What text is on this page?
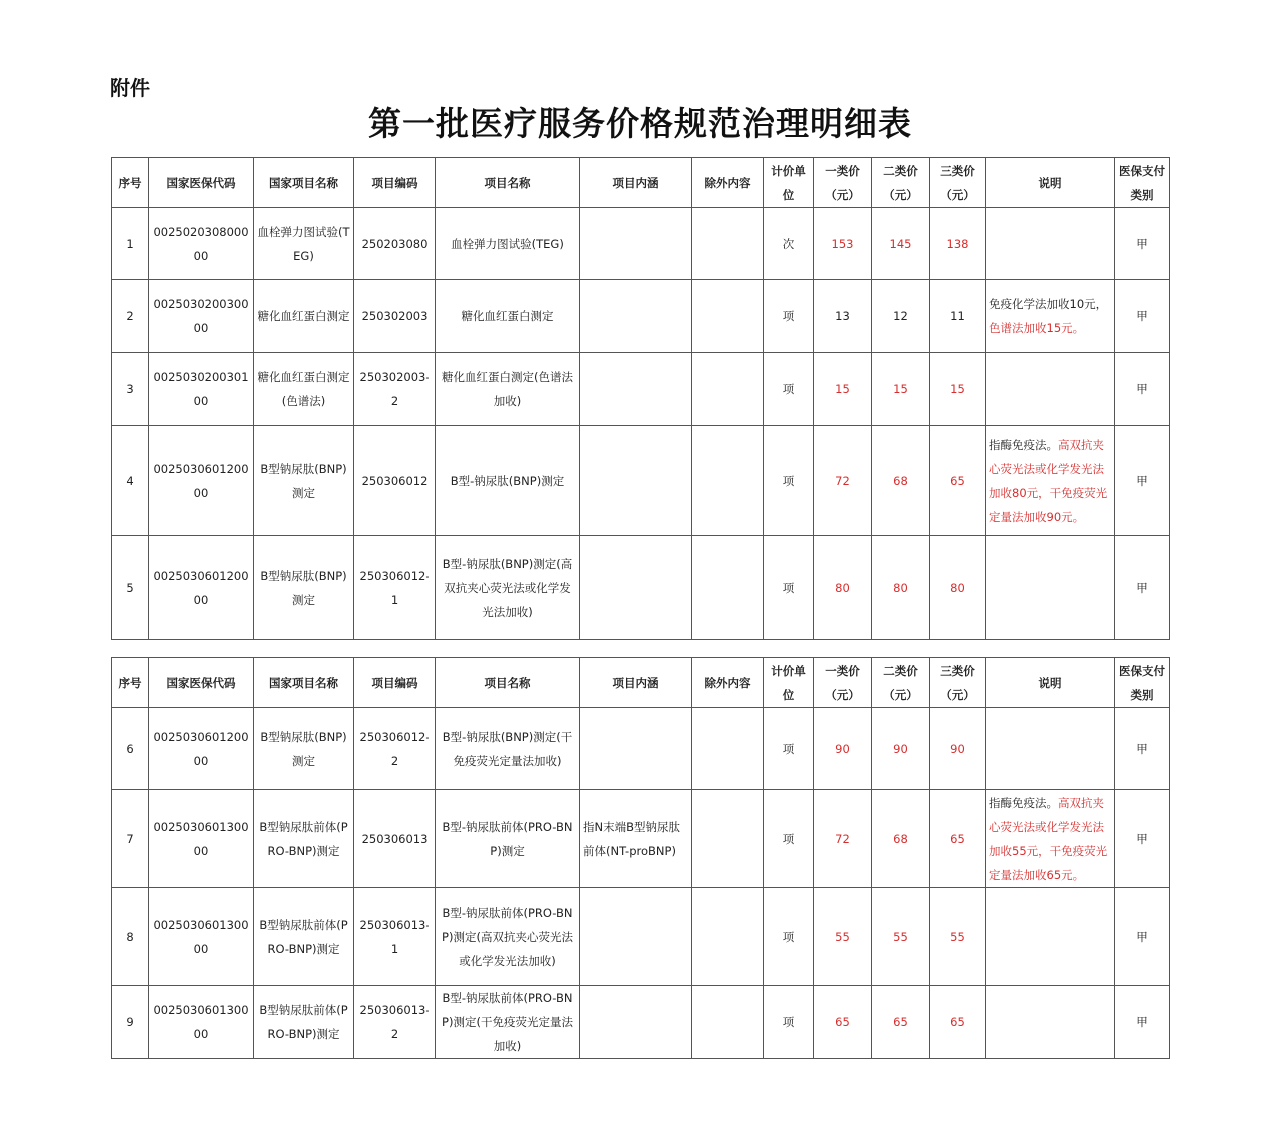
附件
第一批医疗服务价格规范治理明细表
序号	国家医保代码	国家项目名称	项目编码	项目名称	项目内涵	除外内容	计价单位	一类价（元）	二类价（元）	三类价（元）	说明	医保支付类别
1	002502030800000	血栓弹力图试验(TEG)	250203080	血栓弹力图试验(TEG)			次	153	145	138		甲
2	002503020030000	糖化血红蛋白测定	250302003	糖化血红蛋白测定			项	13	12	11	免疫化学法加收10元，色谱法加收15元。	甲
3	002503020030100	糖化血红蛋白测定(色谱法)	250302003-2	糖化血红蛋白测定(色谱法加收)			项	15	15	15		甲
4	002503060120000	B型钠尿肽(BNP)测定	250306012	B型-钠尿肽(BNP)测定			项	72	68	65	指酶免疫法。高双抗夹心荧光法或化学发光法加收80元，干免疫荧光定量法加收90元。	甲
5	002503060120000	B型钠尿肽(BNP)测定	250306012-1	B型-钠尿肽(BNP)测定(高双抗夹心荧光法或化学发光法加收)			项	80	80	80		甲
序号	国家医保代码	国家项目名称	项目编码	项目名称	项目内涵	除外内容	计价单位	一类价（元）	二类价（元）	三类价（元）	说明	医保支付类别
6	002503060120000	B型钠尿肽(BNP)测定	250306012-2	B型-钠尿肽(BNP)测定(干免疫荧光定量法加收)			项	90	90	90		甲
7	002503060130000	B型钠尿肽前体(PRO-BNP)测定	250306013	B型-钠尿肽前体(PRO-BNP)测定	指N末端B型钠尿肽前体(NT-proBNP)		项	72	68	65	指酶免疫法。高双抗夹心荧光法或化学发光法加收55元，干免疫荧光定量法加收65元。	甲
8	002503060130000	B型钠尿肽前体(PRO-BNP)测定	250306013-1	B型-钠尿肽前体(PRO-BNP)测定(高双抗夹心荧光法或化学发光法加收)			项	55	55	55		甲
9	002503060130000	B型钠尿肽前体(PRO-BNP)测定	250306013-2	B型-钠尿肽前体(PRO-BNP)测定(干免疫荧光定量法加收)			项	65	65	65		甲
